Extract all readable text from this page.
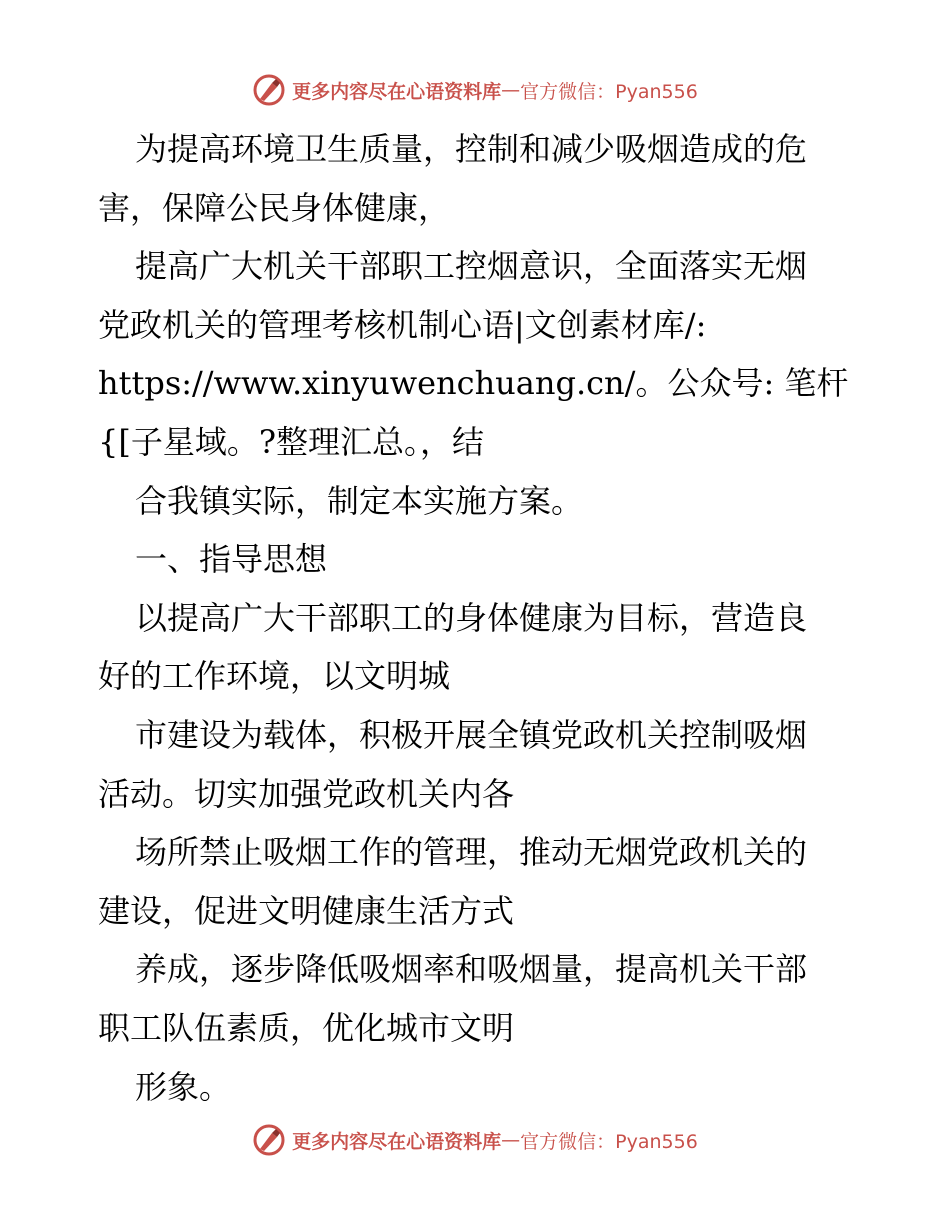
更多内容尽在心语资料库 — 官方微信：Pyan556
为提高环境卫生质量，控制和减少吸烟造成的危
害，保障公民身体健康，
提高广大机关干部职工控烟意识，全面落实无烟
党政机关的管理考核机制心语|文创素材库/:
https://www.xinyuwenchuang.cn/。公众号: 笔杆
{[子星域。?整理汇总。，结
合我镇实际，制定本实施方案。
一、指导思想
以提高广大干部职工的身体健康为目标，营造良
好的工作环境，以文明城
市建设为载体，积极开展全镇党政机关控制吸烟
活动。切实加强党政机关内各
场所禁止吸烟工作的管理，推动无烟党政机关的
建设，促进文明健康生活方式
养成，逐步降低吸烟率和吸烟量，提高机关干部
职工队伍素质，优化城市文明
形象。
更多内容尽在心语资料库 — 官方微信：Pyan556
